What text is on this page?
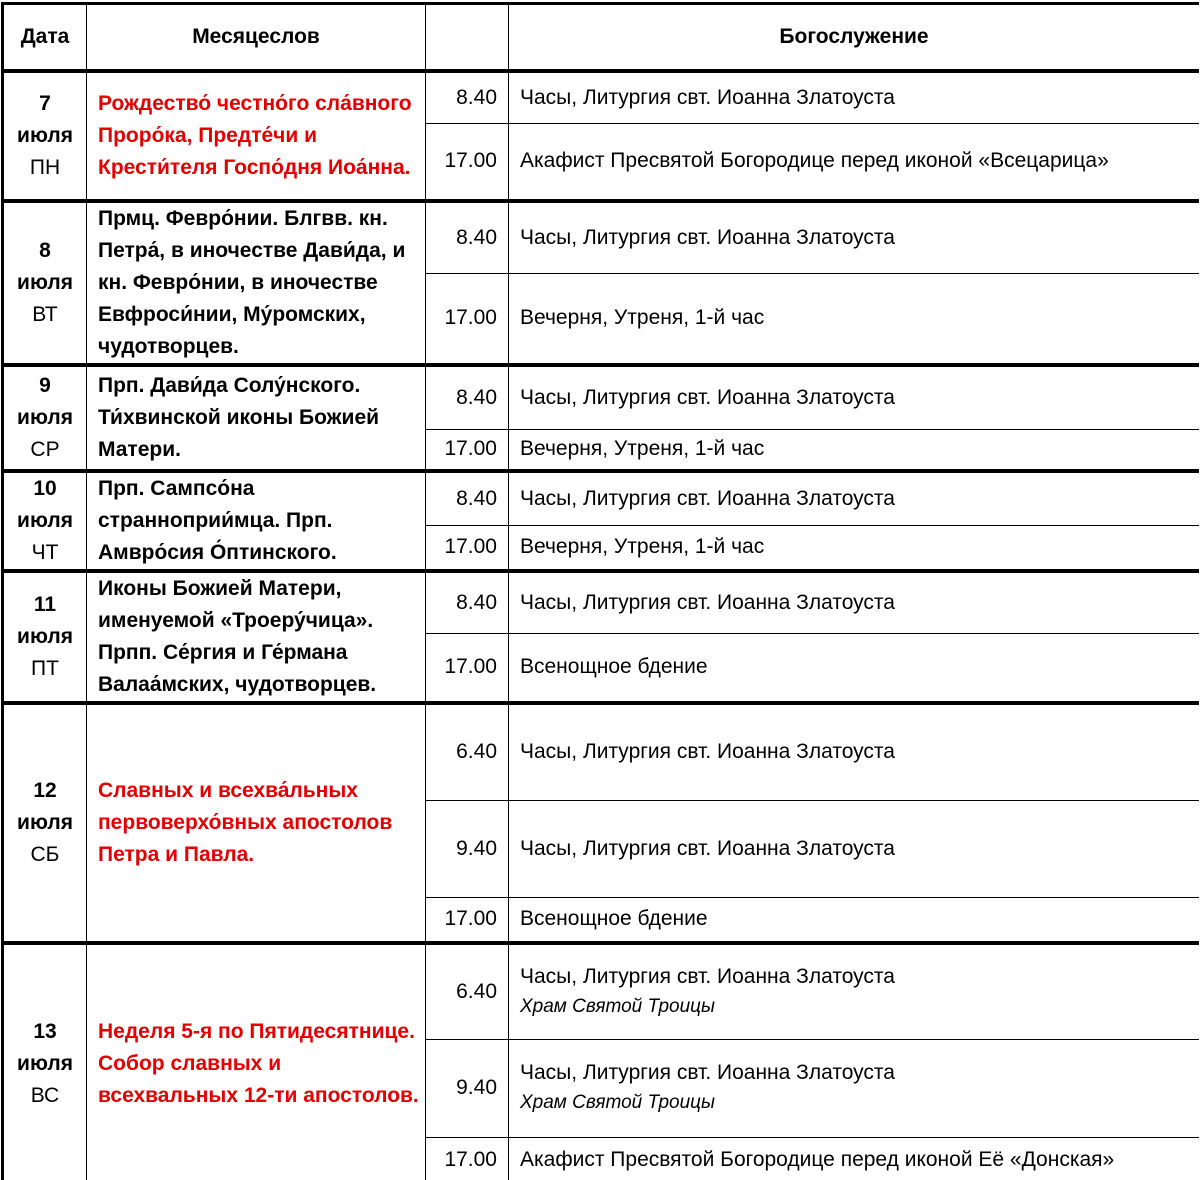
Дата	Месяцеслов		Богослужение

7
июля
ПН	Рождество́ честно́го сла́вного Проро́ка, Предте́чи и Крести́теля Госпо́дня Иоа́нна.	8.40	Часы, Литургия свт. Иоанна Златоуста
		17.00	Акафист Пресвятой Богородице перед иконой «Всецарица»

8
июля
ВТ	Прмц. Февро́нии. Блгвв. кн. Петра́, в иночестве Дави́да, и кн. Февро́нии, в иночестве Евфроси́нии, Му́ромских, чудотворцев.	8.40	Часы, Литургия свт. Иоанна Златоуста
		17.00	Вечерня, Утреня, 1-й час

9
июля
СР	Прп. Дави́да Солу́нского. Ти́хвинской иконы Божией Матери.	8.40	Часы, Литургия свт. Иоанна Златоуста
		17.00	Вечерня, Утреня, 1-й час

10
июля
ЧТ	Прп. Сампсо́на странноприи́мца. Прп. Амвро́сия О́птинского.	8.40	Часы, Литургия свт. Иоанна Златоуста
		17.00	Вечерня, Утреня, 1-й час

11
июля
ПТ	Иконы Божией Матери, именуемой «Троеру́чица». Прпп. Се́ргия и Ге́рмана Валаа́мских, чудотворцев.	8.40	Часы, Литургия свт. Иоанна Златоуста
		17.00	Всенощное бдение

12
июля
СБ	Славных и всехва́льных первоверхо́вных апостолов Петра и Павла.	6.40	Часы, Литургия свт. Иоанна Златоуста
		9.40	Часы, Литургия свт. Иоанна Златоуста
		17.00	Всенощное бдение

13
июля
ВС	Неделя 5-я по Пятидесятнице. Собор славных и всехвальных 12-ти апостолов.	6.40	Часы, Литургия свт. Иоанна Златоуста
Храм Святой Троицы

		9.40	Часы, Литургия свт. Иоанна Златоуста
Храм Святой Троицы

		17.00	Акафист Пресвятой Богородице перед иконой Её «Донская»
